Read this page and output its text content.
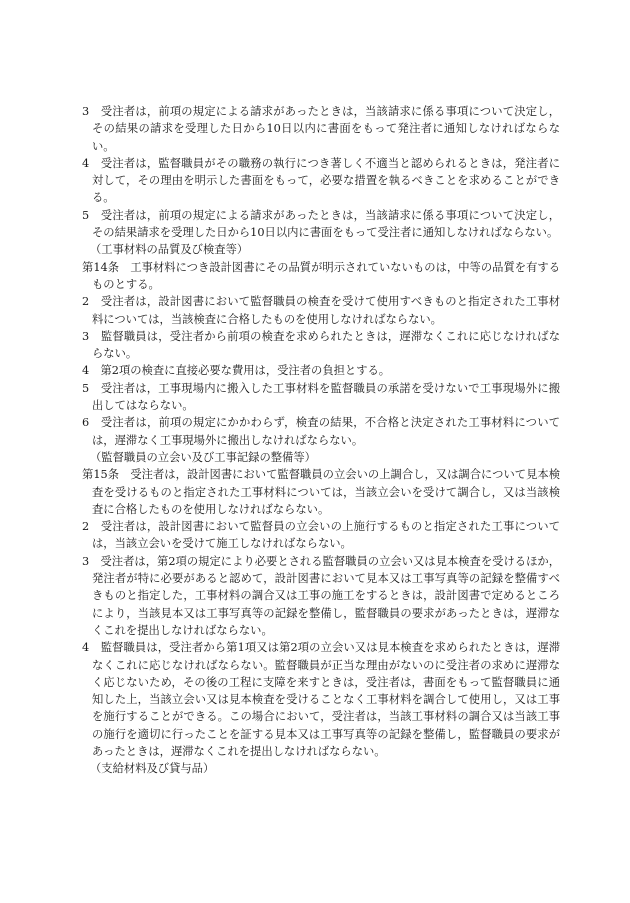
3　受注者は，前項の規定による請求があったときは，当該請求に係る事項について決定し，その結果の請求を受理した日から10日以内に書面をもって発注者に通知しなければならない。

4　受注者は，監督職員がその職務の執行につき著しく不適当と認められるときは，発注者に対して，その理由を明示した書面をもって，必要な措置を執るべきことを求めることができる。

5　受注者は，前項の規定による請求があったときは，当該請求に係る事項について決定し，その結果請求を受理した日から10日以内に書面をもって受注者に通知しなければならない。

（工事材料の品質及び検査等）

第14条　工事材料につき設計図書にその品質が明示されていないものは，中等の品質を有するものとする。

2　受注者は，設計図書において監督職員の検査を受けて使用すべきものと指定された工事材料については，当該検査に合格したものを使用しなければならない。

3　監督職員は，受注者から前項の検査を求められたときは，遅滞なくこれに応じなければならない。

4　第2項の検査に直接必要な費用は，受注者の負担とする。

5　受注者は，工事現場内に搬入した工事材料を監督職員の承諾を受けないで工事現場外に搬出してはならない。

6　受注者は，前項の規定にかかわらず，検査の結果，不合格と決定された工事材料については，遅滞なく工事現場外に搬出しなければならない。

（監督職員の立会い及び工事記録の整備等）

第15条　受注者は，設計図書において監督職員の立会いの上調合し，又は調合について見本検査を受けるものと指定された工事材料については，当該立会いを受けて調合し，又は当該検査に合格したものを使用しなければならない。

2　受注者は，設計図書において監督員の立会いの上施行するものと指定された工事については，当該立会いを受けて施工しなければならない。

3　受注者は，第2項の規定により必要とされる監督職員の立会い又は見本検査を受けるほか，発注者が特に必要があると認めて，設計図書において見本又は工事写真等の記録を整備すべきものと指定した，工事材料の調合又は工事の施工をするときは，設計図書で定めるところにより，当該見本又は工事写真等の記録を整備し，監督職員の要求があったときは，遅滞なくこれを提出しなければならない。

4　監督職員は，受注者から第1項又は第2項の立会い又は見本検査を求められたときは，遅滞なくこれに応じなければならない。監督職員が正当な理由がないのに受注者の求めに遅滞なく応じないため，その後の工程に支障を来すときは，受注者は，書面をもって監督職員に通知した上，当該立会い又は見本検査を受けることなく工事材料を調合して使用し，又は工事を施行することができる。この場合において，受注者は，当該工事材料の調合又は当該工事の施行を適切に行ったことを証する見本又は工事写真等の記録を整備し，監督職員の要求があったときは，遅滞なくこれを提出しなければならない。

（支給材料及び貸与品）
